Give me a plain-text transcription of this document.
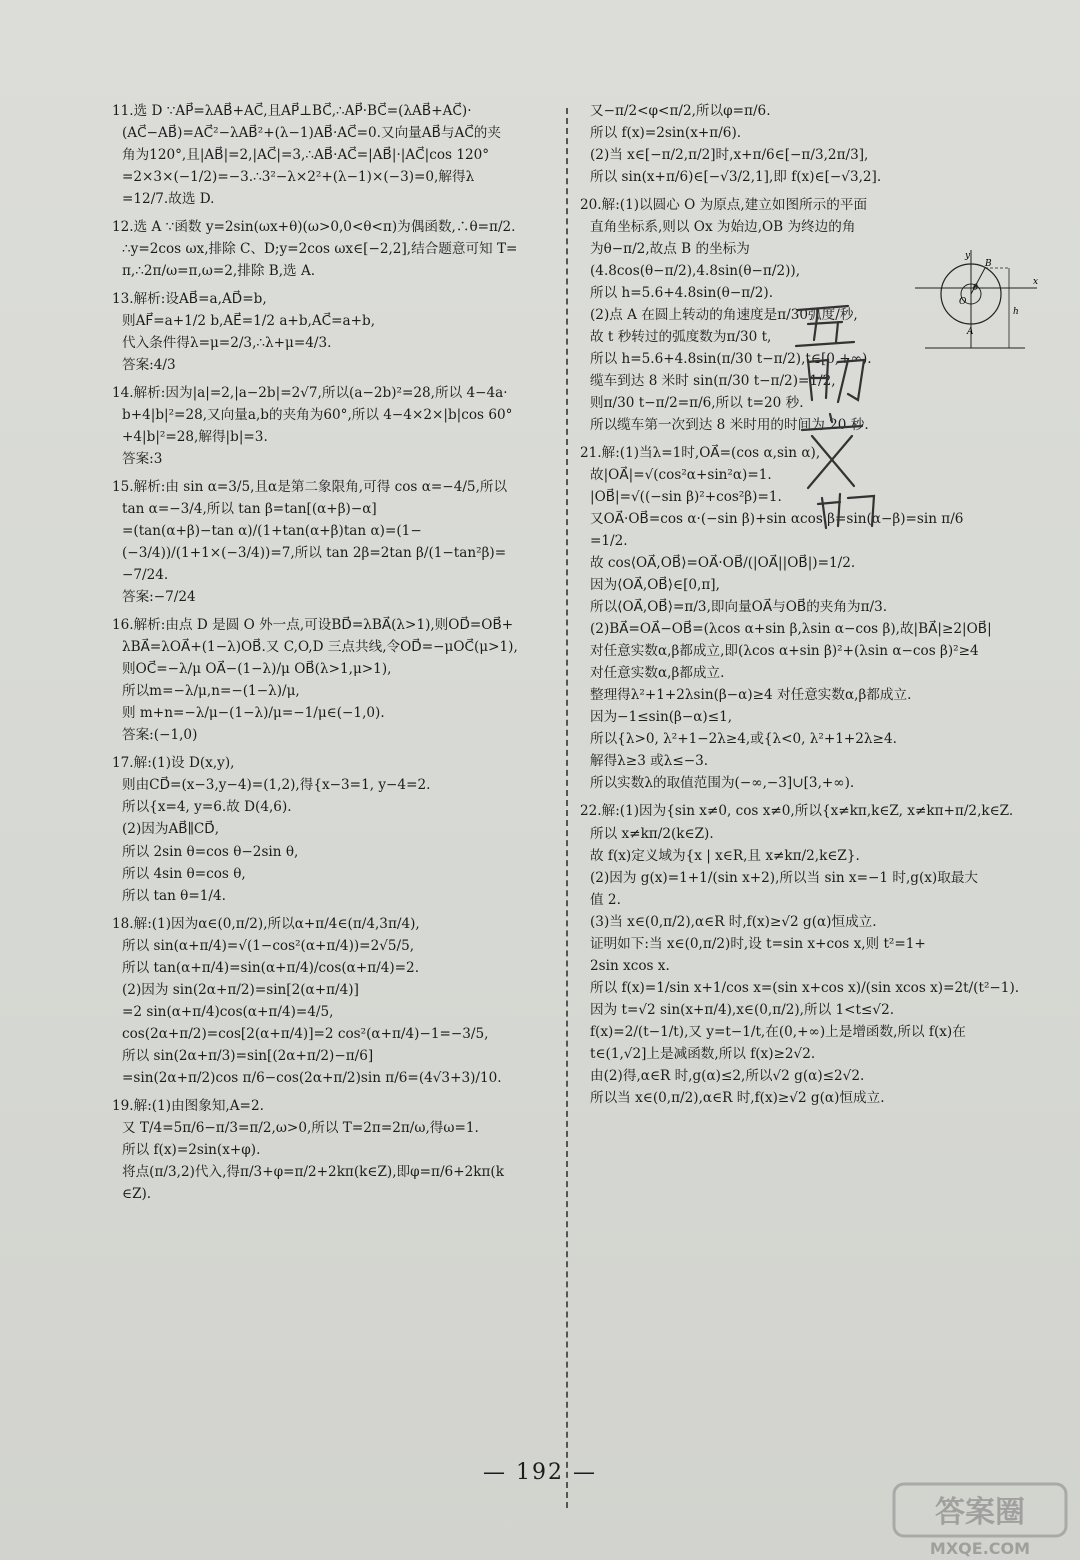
11.选 D ∵AP⃗=λAB⃗+AC⃗,且AP⃗⊥BC⃗,∴AP⃗·BC⃗=(λAB⃗+AC⃗)·

(AC⃗−AB⃗)=AC⃗²−λAB⃗²+(λ−1)AB⃗·AC⃗=0.又向量AB⃗与AC⃗的夹

角为120°,且|AB⃗|=2,|AC⃗|=3,∴AB⃗·AC⃗=|AB⃗|·|AC⃗|cos 120°

=2×3×(−1/2)=−3.∴3²−λ×2²+(λ−1)×(−3)=0,解得λ

=12/7.故选 D.

12.选 A ∵函数 y=2sin(ωx+θ)(ω>0,0<θ<π)为偶函数,∴θ=π/2.

∴y=2cos ωx,排除 C、D;y=2cos ωx∈[−2,2],结合题意可知 T=

π,∴2π/ω=π,ω=2,排除 B,选 A.

13.解析:设AB⃗=a,AD⃗=b,

则AF⃗=a+1/2 b,AE⃗=1/2 a+b,AC⃗=a+b,

代入条件得λ=μ=2/3,∴λ+μ=4/3.

答案:4/3

14.解析:因为|a|=2,|a−2b|=2√7,所以(a−2b)²=28,所以 4−4a·

b+4|b|²=28,又向量a,b的夹角为60°,所以 4−4×2×|b|cos 60°

+4|b|²=28,解得|b|=3.

答案:3

15.解析:由 sin α=3/5,且α是第二象限角,可得 cos α=−4/5,所以

tan α=−3/4,所以 tan β=tan[(α+β)−α]

=(tan(α+β)−tan α)/(1+tan(α+β)tan α)=(1−(−3/4))/(1+1×(−3/4))=7,所以 tan 2β=2tan β/(1−tan²β)=

−7/24.

答案:−7/24

16.解析:由点 D 是圆 O 外一点,可设BD⃗=λBA⃗(λ>1),则OD⃗=OB⃗+

λBA⃗=λOA⃗+(1−λ)OB⃗.又 C,O,D 三点共线,令OD⃗=−μOC⃗(μ>1),

则OC⃗=−λ/μ OA⃗−(1−λ)/μ OB⃗(λ>1,μ>1),

所以m=−λ/μ,n=−(1−λ)/μ,

则 m+n=−λ/μ−(1−λ)/μ=−1/μ∈(−1,0).

答案:(−1,0)

17.解:(1)设 D(x,y),

则由CD⃗=(x−3,y−4)=(1,2),得{x−3=1, y−4=2.

所以{x=4, y=6.故 D(4,6).

(2)因为AB⃗∥CD⃗,

所以 2sin θ=cos θ−2sin θ,

所以 4sin θ=cos θ,

所以 tan θ=1/4.

18.解:(1)因为α∈(0,π/2),所以α+π/4∈(π/4,3π/4),

所以 sin(α+π/4)=√(1−cos²(α+π/4))=2√5/5,

所以 tan(α+π/4)=sin(α+π/4)/cos(α+π/4)=2.

(2)因为 sin(2α+π/2)=sin[2(α+π/4)]

=2 sin(α+π/4)cos(α+π/4)=4/5,

cos(2α+π/2)=cos[2(α+π/4)]=2 cos²(α+π/4)−1=−3/5,

所以 sin(2α+π/3)=sin[(2α+π/2)−π/6]

=sin(2α+π/2)cos π/6−cos(2α+π/2)sin π/6=(4√3+3)/10.

19.解:(1)由图象知,A=2.

又 T/4=5π/6−π/3=π/2,ω>0,所以 T=2π=2π/ω,得ω=1.

所以 f(x)=2sin(x+φ).

将点(π/3,2)代入,得π/3+φ=π/2+2kπ(k∈Z),即φ=π/6+2kπ(k

∈Z).

又−π/2<φ<π/2,所以φ=π/6.

所以 f(x)=2sin(x+π/6).

(2)当 x∈[−π/2,π/2]时,x+π/6∈[−π/3,2π/3],

所以 sin(x+π/6)∈[−√3/2,1],即 f(x)∈[−√3,2].

20.解:(1)以圆心 O 为原点,建立如图所示的平面

直角坐标系,则以 Ox 为始边,OB 为终边的角

为θ−π/2,故点 B 的坐标为

(4.8cos(θ−π/2),4.8sin(θ−π/2)),

所以 h=5.6+4.8sin(θ−π/2).

(2)点 A 在圆上转动的角速度是π/30弧度/秒,

故 t 秒转过的弧度数为π/30 t,

所以 h=5.6+4.8sin(π/30 t−π/2),t∈[0,+∞).

缆车到达 8 米时 sin(π/30 t−π/2)=1/2,

则π/30 t−π/2=π/6,所以 t=20 秒.

所以缆车第一次到达 8 米时用的时间为 20 秒.

21.解:(1)当λ=1时,OA⃗=(cos α,sin α),

故|OA⃗|=√(cos²α+sin²α)=1.

|OB⃗|=√((−sin β)²+cos²β)=1.

又OA⃗·OB⃗=cos α·(−sin β)+sin αcos β=sin(α−β)=sin π/6

=1/2.

故 cos⟨OA⃗,OB⃗⟩=OA⃗·OB⃗/(|OA⃗||OB⃗|)=1/2.

因为⟨OA⃗,OB⃗⟩∈[0,π],

所以⟨OA⃗,OB⃗⟩=π/3,即向量OA⃗与OB⃗的夹角为π/3.

(2)BA⃗=OA⃗−OB⃗=(λcos α+sin β,λsin α−cos β),故|BA⃗|≥2|OB⃗|

对任意实数α,β都成立,即(λcos α+sin β)²+(λsin α−cos β)²≥4

对任意实数α,β都成立.

整理得λ²+1+2λsin(β−α)≥4 对任意实数α,β都成立.

因为−1≤sin(β−α)≤1,

所以{λ>0, λ²+1−2λ≥4,或{λ<0, λ²+1+2λ≥4.

解得λ≥3 或λ≤−3.

所以实数λ的取值范围为(−∞,−3]∪[3,+∞).

22.解:(1)因为{sin x≠0, cos x≠0,所以{x≠kπ,k∈Z, x≠kπ+π/2,k∈Z.

所以 x≠kπ/2(k∈Z).

故 f(x)定义域为{x | x∈R,且 x≠kπ/2,k∈Z}.

(2)因为 g(x)=1+1/(sin x+2),所以当 sin x=−1 时,g(x)取最大

值 2.

(3)当 x∈(0,π/2),α∈R 时,f(x)≥√2 g(α)恒成立.

证明如下:当 x∈(0,π/2)时,设 t=sin x+cos x,则 t²=1+

2sin xcos x.

所以 f(x)=1/sin x+1/cos x=(sin x+cos x)/(sin xcos x)=2t/(t²−1).

因为 t=√2 sin(x+π/4),x∈(0,π/2),所以 1<t≤√2.

f(x)=2/(t−1/t),又 y=t−1/t,在(0,+∞)上是增函数,所以 f(x)在

t∈(1,√2]上是减函数,所以 f(x)≥2√2.

由(2)得,α∈R 时,g(α)≤2,所以√2 g(α)≤2√2.

所以当 x∈(0,π/2),α∈R 时,f(x)≥√2 g(α)恒成立.

y
x
B
O
θ
A
h
互助文档
— 192 —
答案圈
MXQE.COM
